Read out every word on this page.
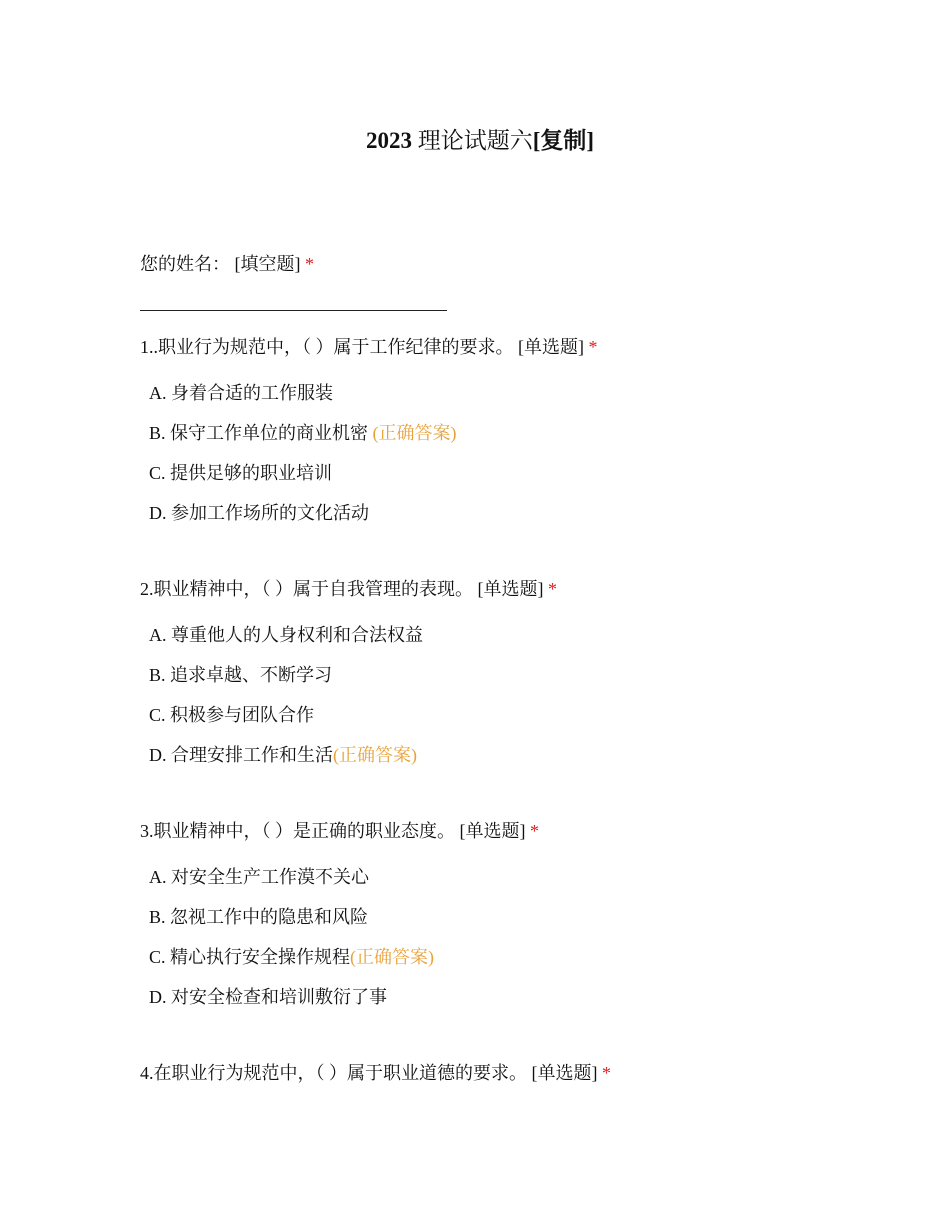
2023 理论试题六[复制]

您的姓名： [填空题] *

1..职业行为规范中，（ ）属于工作纪律的要求。 [单选题] *

A. 身着合适的工作服装
B. 保守工作单位的商业机密 (正确答案)
C. 提供足够的职业培训
D. 参加工作场所的文化活动

2.职业精神中，（ ）属于自我管理的表现。 [单选题] *

A. 尊重他人的人身权利和合法权益
B. 追求卓越、不断学习
C. 积极参与团队合作
D. 合理安排工作和生活(正确答案)

3.职业精神中，（ ）是正确的职业态度。 [单选题] *

A. 对安全生产工作漠不关心
B. 忽视工作中的隐患和风险
C. 精心执行安全操作规程(正确答案)
D. 对安全检查和培训敷衍了事

4.在职业行为规范中，（ ）属于职业道德的要求。 [单选题] *
